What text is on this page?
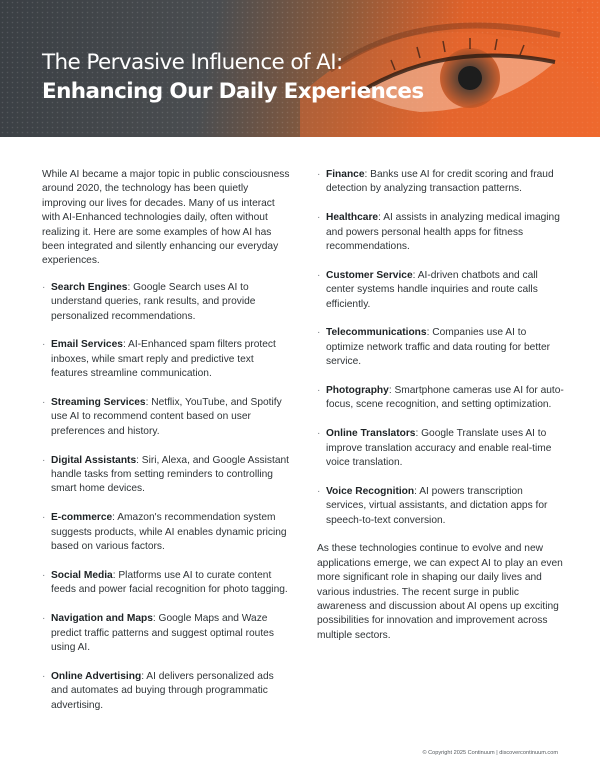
The Pervasive Influence of AI:
Enhancing Our Daily Experiences

While AI became a major topic in public consciousness around 2020, the technology has been quietly improving our lives for decades. Many of us interact with AI-Enhanced technologies daily, often without realizing it. Here are some examples of how AI has been integrated and silently enhancing our everyday experiences.

· Search Engines: Google Search uses AI to understand queries, rank results, and provide personalized recommendations.
· Email Services: AI-Enhanced spam filters protect inboxes, while smart reply and predictive text features streamline communication.
· Streaming Services: Netflix, YouTube, and Spotify use AI to recommend content based on user preferences and history.
· Digital Assistants: Siri, Alexa, and Google Assistant handle tasks from setting reminders to controlling smart home devices.
· E-commerce: Amazon's recommendation system suggests products, while AI enables dynamic pricing based on various factors.
· Social Media: Platforms use AI to curate content feeds and power facial recognition for photo tagging.
· Navigation and Maps: Google Maps and Waze predict traffic patterns and suggest optimal routes using AI.
· Online Advertising: AI delivers personalized ads and automates ad buying through programmatic advertising.
· Finance: Banks use AI for credit scoring and fraud detection by analyzing transaction patterns.
· Healthcare: AI assists in analyzing medical imaging and powers personal health apps for fitness recommendations.
· Customer Service: AI-driven chatbots and call center systems handle inquiries and route calls efficiently.
· Telecommunications: Companies use AI to optimize network traffic and data routing for better service.
· Photography: Smartphone cameras use AI for auto-focus, scene recognition, and setting optimization.
· Online Translators: Google Translate uses AI to improve translation accuracy and enable real-time voice translation.
· Voice Recognition: AI powers transcription services, virtual assistants, and dictation apps for speech-to-text conversion.

As these technologies continue to evolve and new applications emerge, we can expect AI to play an even more significant role in shaping our daily lives and various industries. The recent surge in public awareness and discussion about AI opens up exciting possibilities for innovation and improvement across multiple sectors.

© Copyright 2025 Continuum | discovercontinuum.com
